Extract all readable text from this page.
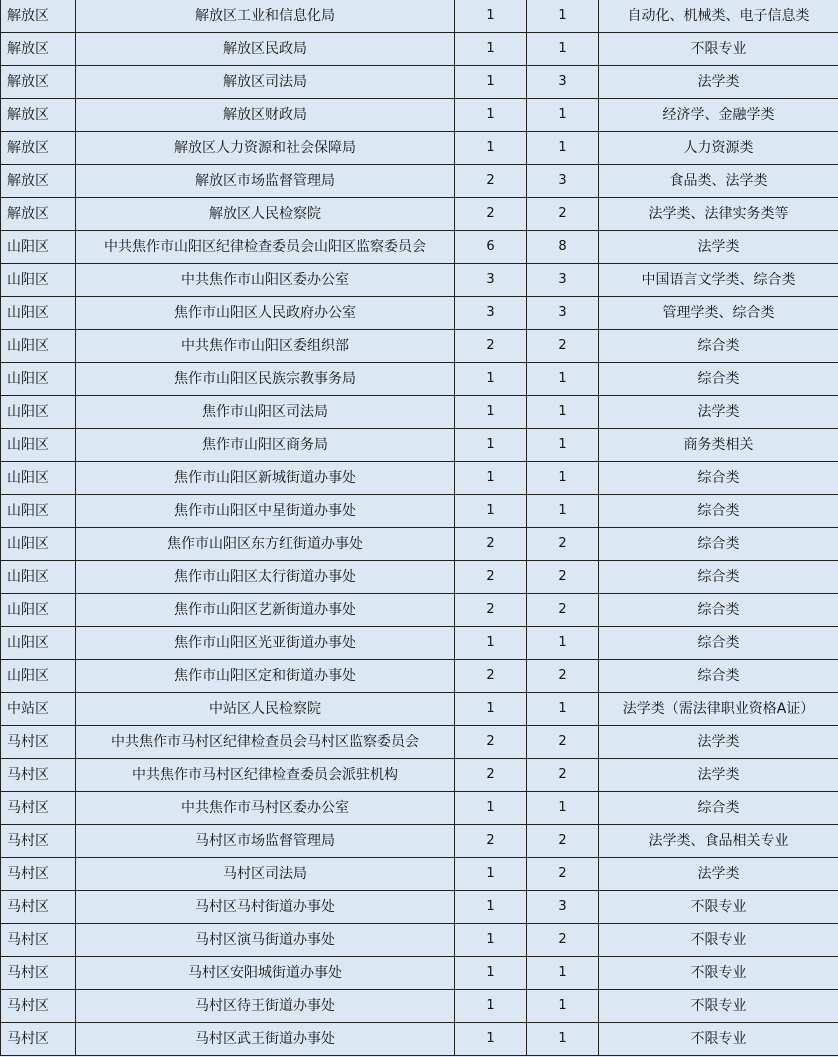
解放区	解放区工业和信息化局	1	1	自动化、机械类、电子信息类
解放区	解放区民政局	1	1	不限专业
解放区	解放区司法局	1	3	法学类
解放区	解放区财政局	1	1	经济学、金融学类
解放区	解放区人力资源和社会保障局	1	1	人力资源类
解放区	解放区市场监督管理局	2	3	食品类、法学类
解放区	解放区人民检察院	2	2	法学类、法律实务类等
山阳区	中共焦作市山阳区纪律检查委员会山阳区监察委员会	6	8	法学类
山阳区	中共焦作市山阳区委办公室	3	3	中国语言文学类、综合类
山阳区	焦作市山阳区人民政府办公室	3	3	管理学类、综合类
山阳区	中共焦作市山阳区委组织部	2	2	综合类
山阳区	焦作市山阳区民族宗教事务局	1	1	综合类
山阳区	焦作市山阳区司法局	1	1	法学类
山阳区	焦作市山阳区商务局	1	1	商务类相关
山阳区	焦作市山阳区新城街道办事处	1	1	综合类
山阳区	焦作市山阳区中星街道办事处	1	1	综合类
山阳区	焦作市山阳区东方红街道办事处	2	2	综合类
山阳区	焦作市山阳区太行街道办事处	2	2	综合类
山阳区	焦作市山阳区艺新街道办事处	2	2	综合类
山阳区	焦作市山阳区光亚街道办事处	1	1	综合类
山阳区	焦作市山阳区定和街道办事处	2	2	综合类
中站区	中站区人民检察院	1	1	法学类（需法律职业资格A证）
马村区	中共焦作市马村区纪律检查员会马村区监察委员会	2	2	法学类
马村区	中共焦作市马村区纪律检查委员会派驻机构	2	2	法学类
马村区	中共焦作市马村区委办公室	1	1	综合类
马村区	马村区市场监督管理局	2	2	法学类、食品相关专业
马村区	马村区司法局	1	2	法学类
马村区	马村区马村街道办事处	1	3	不限专业
马村区	马村区演马街道办事处	1	2	不限专业
马村区	马村区安阳城街道办事处	1	1	不限专业
马村区	马村区待王街道办事处	1	1	不限专业
马村区	马村区武王街道办事处	1	1	不限专业
